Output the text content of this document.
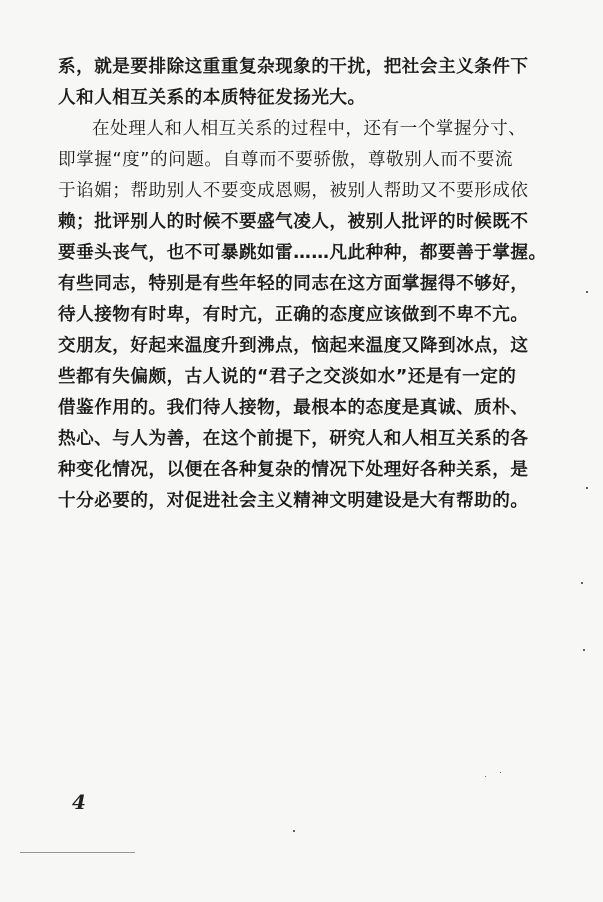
系，就是要排除这重重复杂现象的干扰，把社会主义条件下
人和人相互关系的本质特征发扬光大。
在处理人和人相互关系的过程中，还有一个掌握分寸、
即掌握“度”的问题。自尊而不要骄傲，尊敬别人而不要流
于谄媚；帮助别人不要变成恩赐，被别人帮助又不要形成依
赖；批评别人的时候不要盛气凌人，被别人批评的时候既不
要垂头丧气，也不可暴跳如雷……凡此种种，都要善于掌握。
有些同志，特别是有些年轻的同志在这方面掌握得不够好，
待人接物有时卑，有时亢，正确的态度应该做到不卑不亢。
交朋友，好起来温度升到沸点，恼起来温度又降到冰点，这
些都有失偏颇，古人说的“君子之交淡如水”还是有一定的
借鉴作用的。我们待人接物，最根本的态度是真诚、质朴、
热心、与人为善，在这个前提下，研究人和人相互关系的各
种变化情况，以便在各种复杂的情况下处理好各种关系，是
十分必要的，对促进社会主义精神文明建设是大有帮助的。
4
